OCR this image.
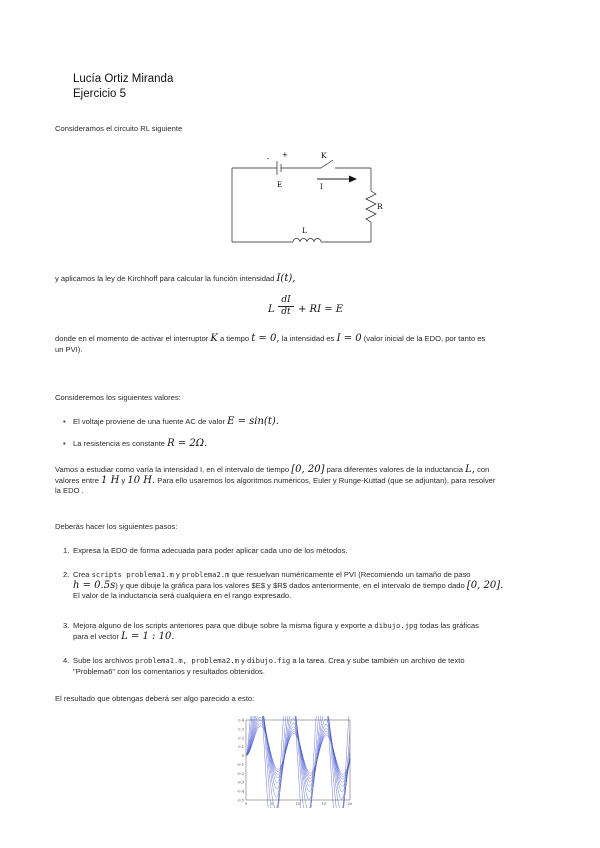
Lucía Ortiz Miranda
Ejercicio 5
Consideramos el circuito RL siguiente
- +
E
K
I
R
L
y aplicamos la ley de Kirchhoff para calcular la función intensidad I(t),
L $\frac{dI}{dt}$ + RI = E
donde en el momento de activar el interruptor K a tiempo t = 0, la intensidad es I = 0 (valor inicial de la EDO, por tanto es
un PVI).
Consideremos los siguientes valores:
• El voltaje proviene de una fuente AC de valor E = sin(t).
• La resistencia es constante R = 2Ω.
Vamos a estudiar como varía la intensidad I, en el intervalo de tiempo [0, 20] para diferentes valores de la inductancia L, con
valores entre 1 H y 10 H. Para ello usaremos los algoritmos numéricos, Euler y Runge-Kuttad (que se adjuntan), para resolver
la EDO .
Deberás hacer los siguientes pasos:
1. Expresa la EDO de forma adecuada para poder aplicar cada uno de los métodos.
2. Crea scripts problema1.m y problema2.m que resuelvan numéricamente el PVI (Recomiendo un tamaño de paso
h = 0.5s) y que dibuje la gráfica para los valores $E$ y $R$ dados anteriormente, en el intervalo de tiempo dado [0, 20].
El valor de la inductancia será cualquiera en el rango expresado.
3. Mejora alguno de los scripts anteriores para que dibuje sobre la misma figura y exporte a dibujo.jpg todas las gráficas
para el vector L = 1 : 10.
4. Sube los archivos problema1.m, problema2.m y dibujo.fig a la tarea. Crea y sube también un archivo de texto
"Problema6" con los comentarios y resultados obtenidos.
El resultado que obtengas deberá ser algo parecido a esto:
0.4
0.3
0.2
0.1
0
-0.1
-0.2
-0.3
-0.4
-0.5
0	5	10	15	20
